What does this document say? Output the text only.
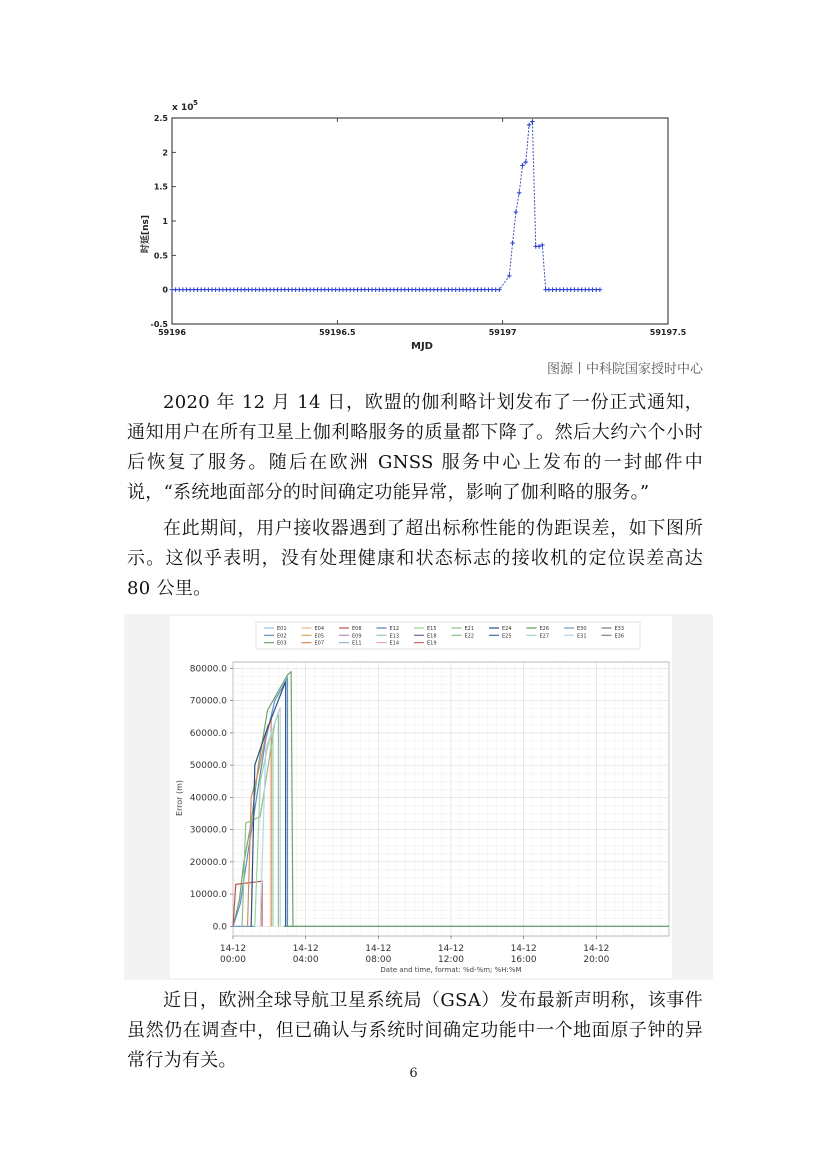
x 10 5
时延[ns]
MJD
-0.5
0
0.5
1
1.5
2
2.5
59196	59196.5	59197	59197.5
图源丨中科院国家授时中心
2020 年 12 月 14 日，欧盟的伽利略计划发布了一份正式通知，通知用户在所有卫星上伽利略服务的质量都下降了。然后大约六个小时后恢复了服务。随后在欧洲 GNSS 服务中心上发布的一封邮件中说，“系统地面部分的时间确定功能异常，影响了伽利略的服务。”
在此期间，用户接收器遇到了超出标称性能的伪距误差，如下图所示。这似乎表明，没有处理健康和状态标志的接收机的定位误差高达 80 公里。
E01	E04	E08	E12	E15	E21	E24	E26	E30	E33
E02	E05	E09	E13	E18	E22	E25	E27	E31	E36
E03	E07	E11	E14	E19
0.0
10000.0
20000.0
30000.0
40000.0
50000.0
60000.0
70000.0
80000.0
14-12
00:00
14-12
04:00
14-12
08:00
14-12
12:00
14-12
16:00
14-12
20:00
Error (m)
Date and time, format: %d-%m; %H:%M
近日，欧洲全球导航卫星系统局（GSA）发布最新声明称，该事件虽然仍在调查中，但已确认与系统时间确定功能中一个地面原子钟的异常行为有关。
6
